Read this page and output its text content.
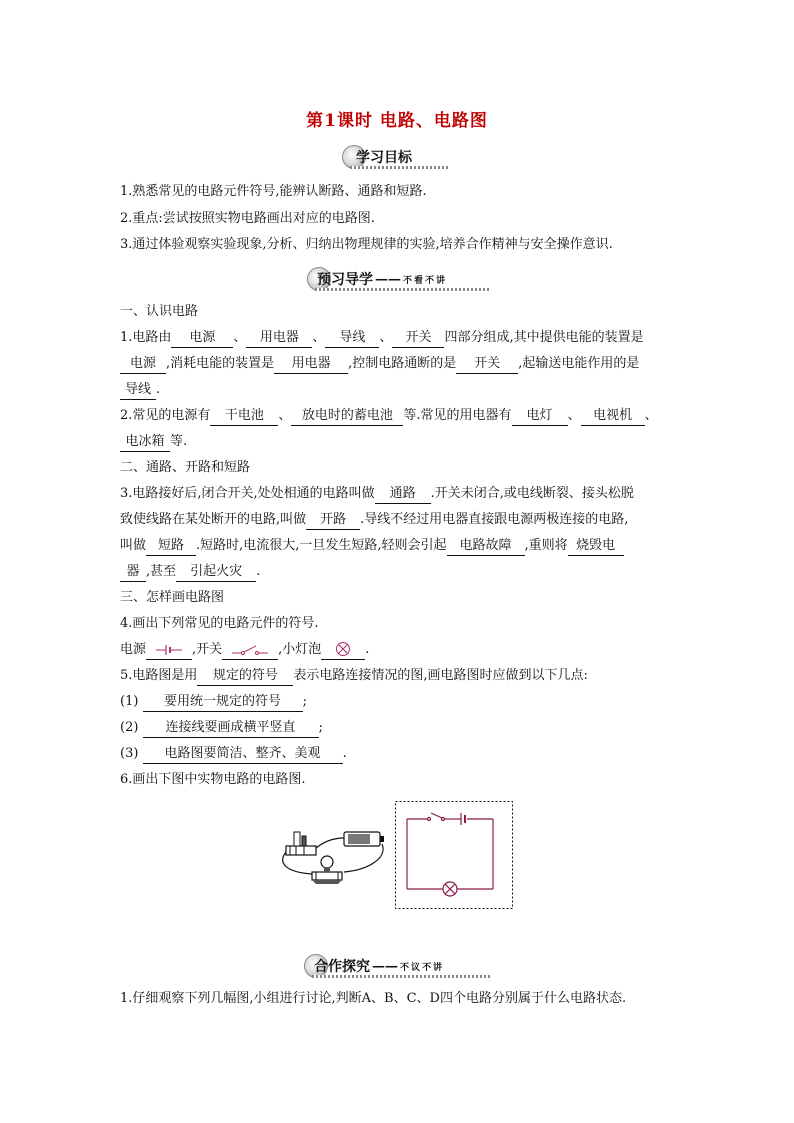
第1课时 电路、电路图
学习目标
1.熟悉常见的电路元件符号,能辨认断路、通路和短路.
2.重点:尝试按照实物电路画出对应的电路图.
3.通过体验观察实验现象,分析、归纳出物理规律的实验,培养合作精神与安全操作意识.
预习导学 —— 不看不讲
一、认识电路
1.电路由 电源 、 用电器 、 导线 、 开关 四部分组成,其中提供电能的装置是
电源 ,消耗电能的装置是 用电器 ,控制电路通断的是 开关 ,起输送电能作用的是
导线 .
2.常见的电源有 干电池 、 放电时的蓄电池 等.常见的用电器有 电灯 、 电视机 、
电冰箱 等.
二、通路、开路和短路
3.电路接好后,闭合开关,处处相通的电路叫做 通路 .开关未闭合,或电线断裂、接头松脱
致使线路在某处断开的电路,叫做 开路 .导线不经过用电器直接跟电源两极连接的电路,
叫做 短路 .短路时,电流很大,一旦发生短路,轻则会引起 电路故障 ,重则将 烧毁电
器 ,甚至 引起火灾 .
三、怎样画电路图
4.画出下列常见的电路元件的符号.
电源	,开关	,小灯泡	.
5.电路图是用 规定的符号 表示电路连接情况的图,画电路图时应做到以下几点:
(1) 要用统一规定的符号 ;
(2) 连接线要画成横平竖直 ;
(3) 电路图要简洁、整齐、美观 .
6.画出下图中实物电路的电路图.
合作探究 —— 不议不讲
1.仔细观察下列几幅图,小组进行讨论,判断A、B、C、D四个电路分别属于什么电路状态.
